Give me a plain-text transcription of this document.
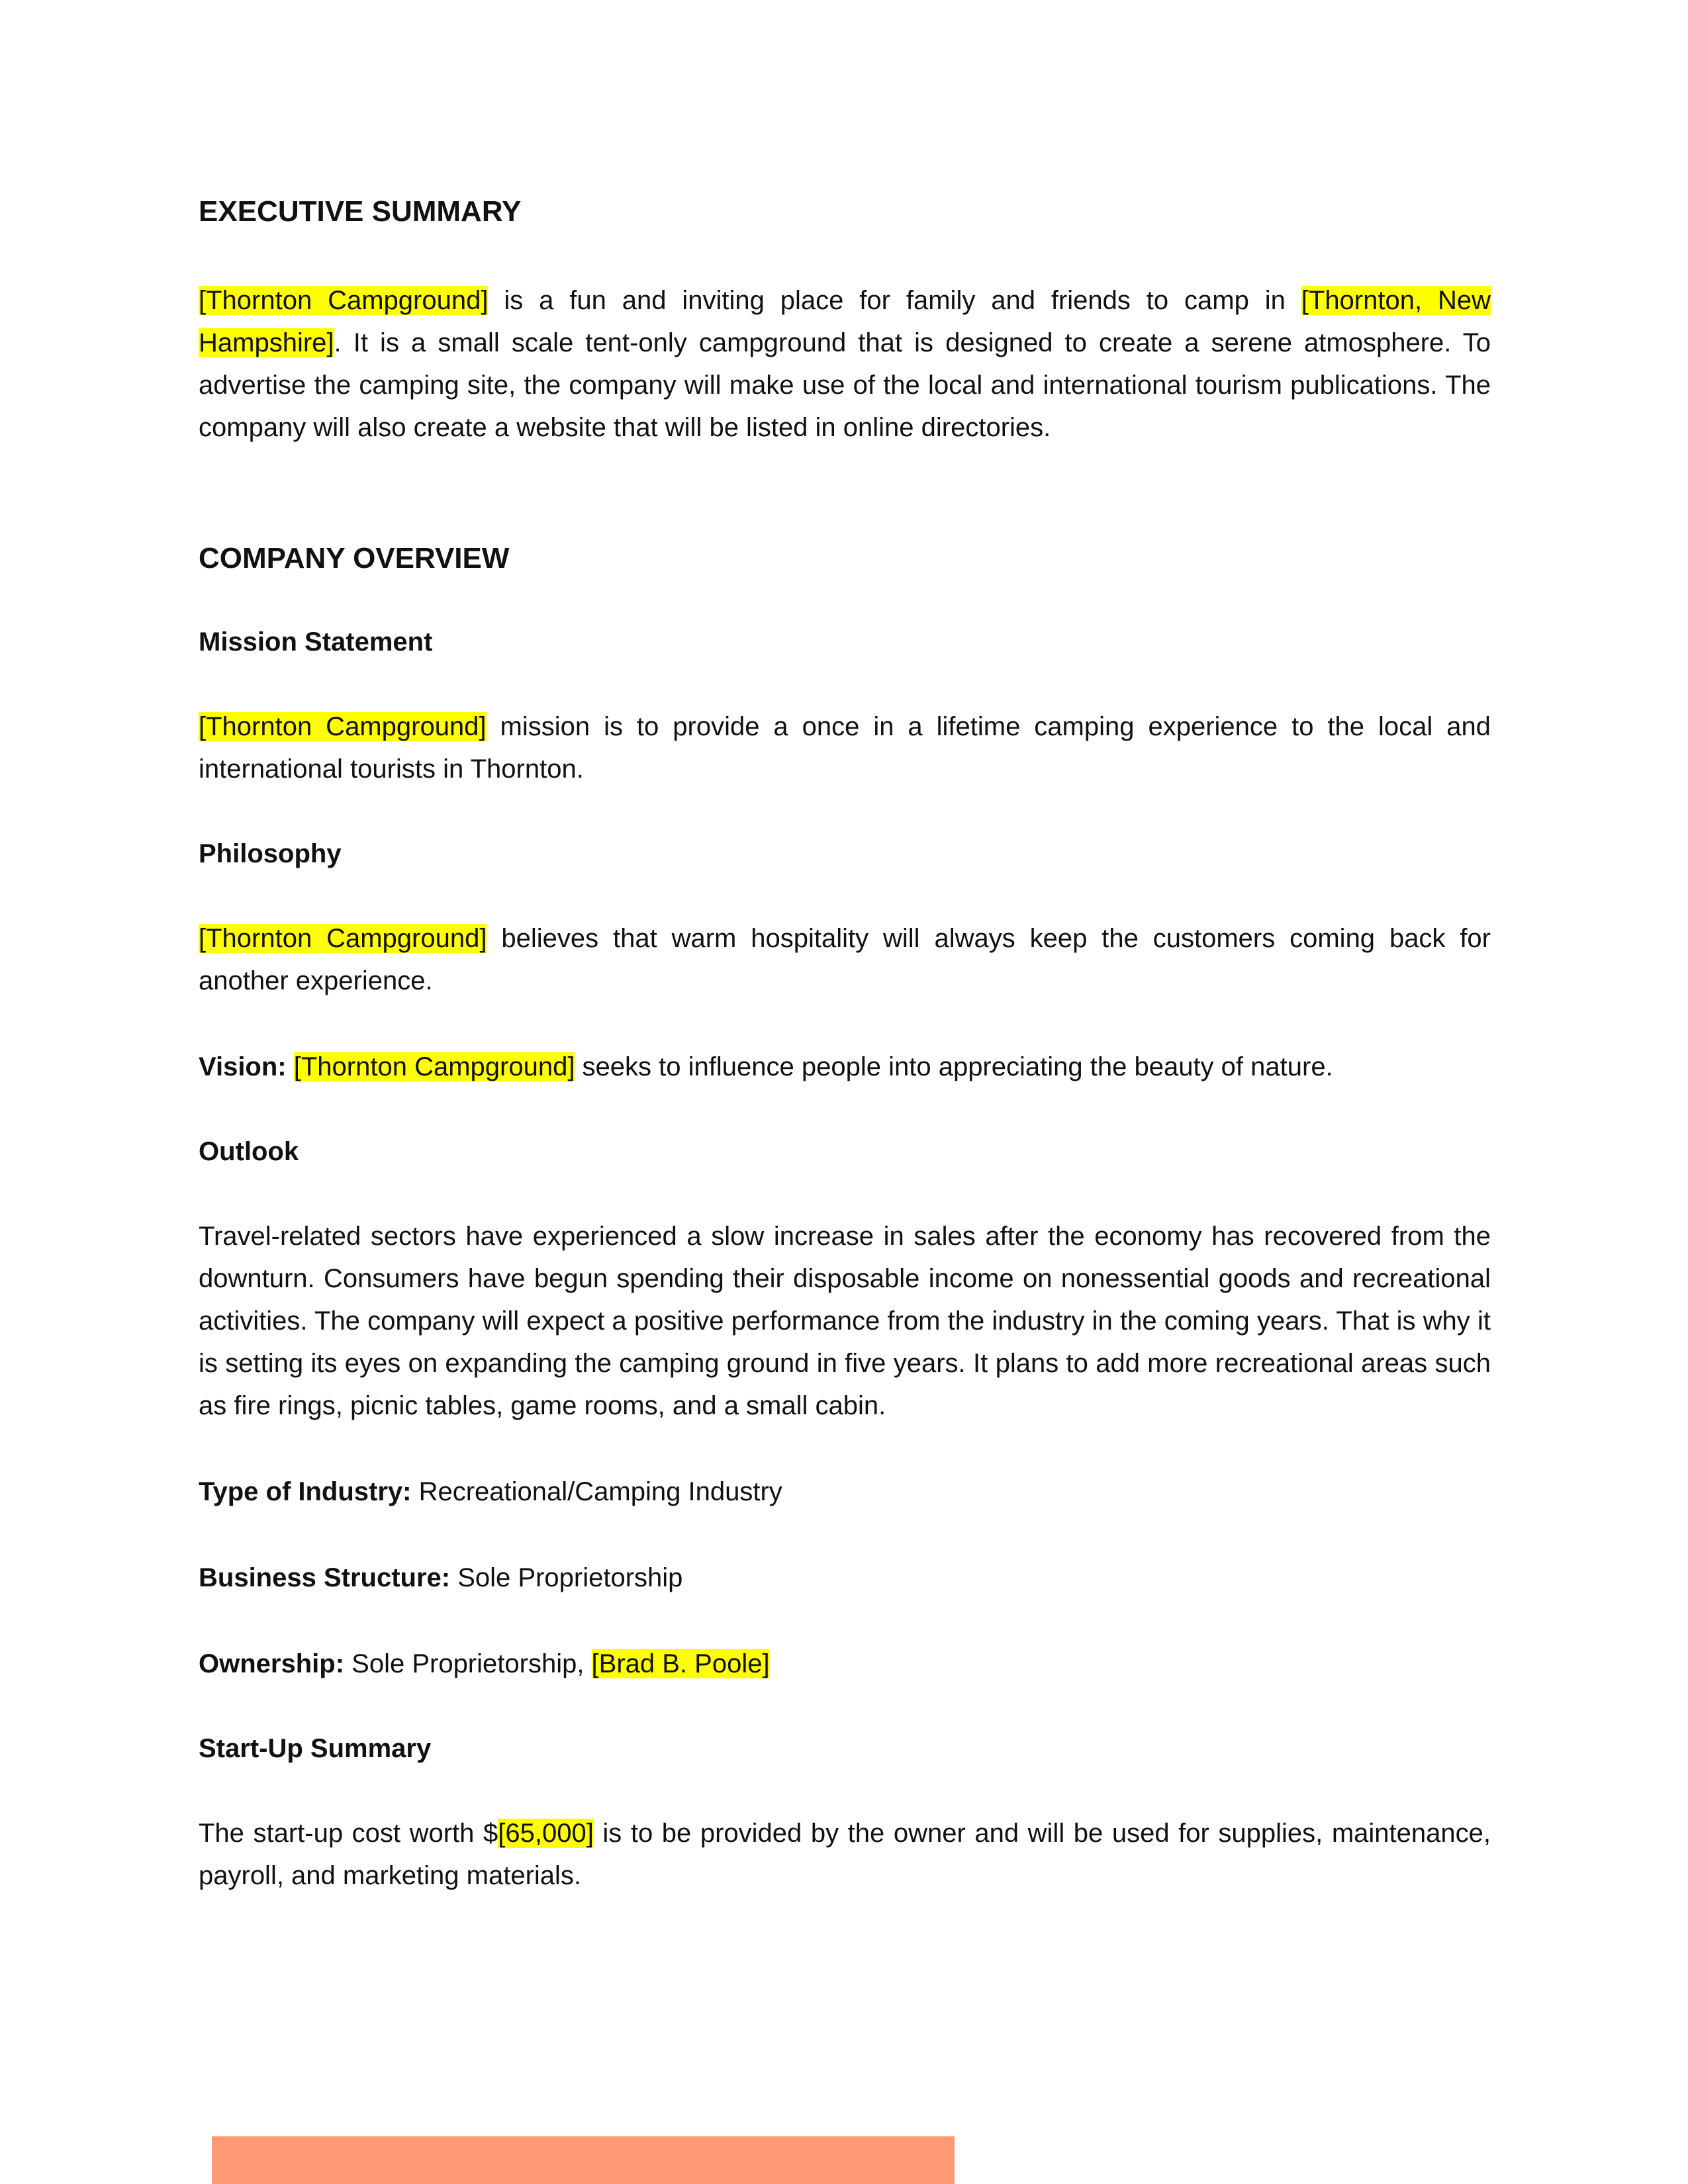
EXECUTIVE SUMMARY

[Thornton Campground] is a fun and inviting place for family and friends to camp in [Thornton, New Hampshire]. It is a small scale tent-only campground that is designed to create a serene atmosphere. To advertise the camping site, the company will make use of the local and international tourism publications. The company will also create a website that will be listed in online directories.

COMPANY OVERVIEW
Mission Statement

[Thornton Campground] mission is to provide a once in a lifetime camping experience to the local and international tourists in Thornton.

Philosophy

[Thornton Campground] believes that warm hospitality will always keep the customers coming back for another experience.

Vision: [Thornton Campground] seeks to influence people into appreciating the beauty of nature.

Outlook

Travel-related sectors have experienced a slow increase in sales after the economy has recovered from the downturn. Consumers have begun spending their disposable income on nonessential goods and recreational activities. The company will expect a positive performance from the industry in the coming years. That is why it is setting its eyes on expanding the camping ground in five years. It plans to add more recreational areas such as fire rings, picnic tables, game rooms, and a small cabin.

Type of Industry: Recreational/Camping Industry

Business Structure: Sole Proprietorship

Ownership: Sole Proprietorship, [Brad B. Poole]

Start-Up Summary

The start-up cost worth $[65,000] is to be provided by the owner and will be used for supplies, maintenance, payroll, and marketing materials.
